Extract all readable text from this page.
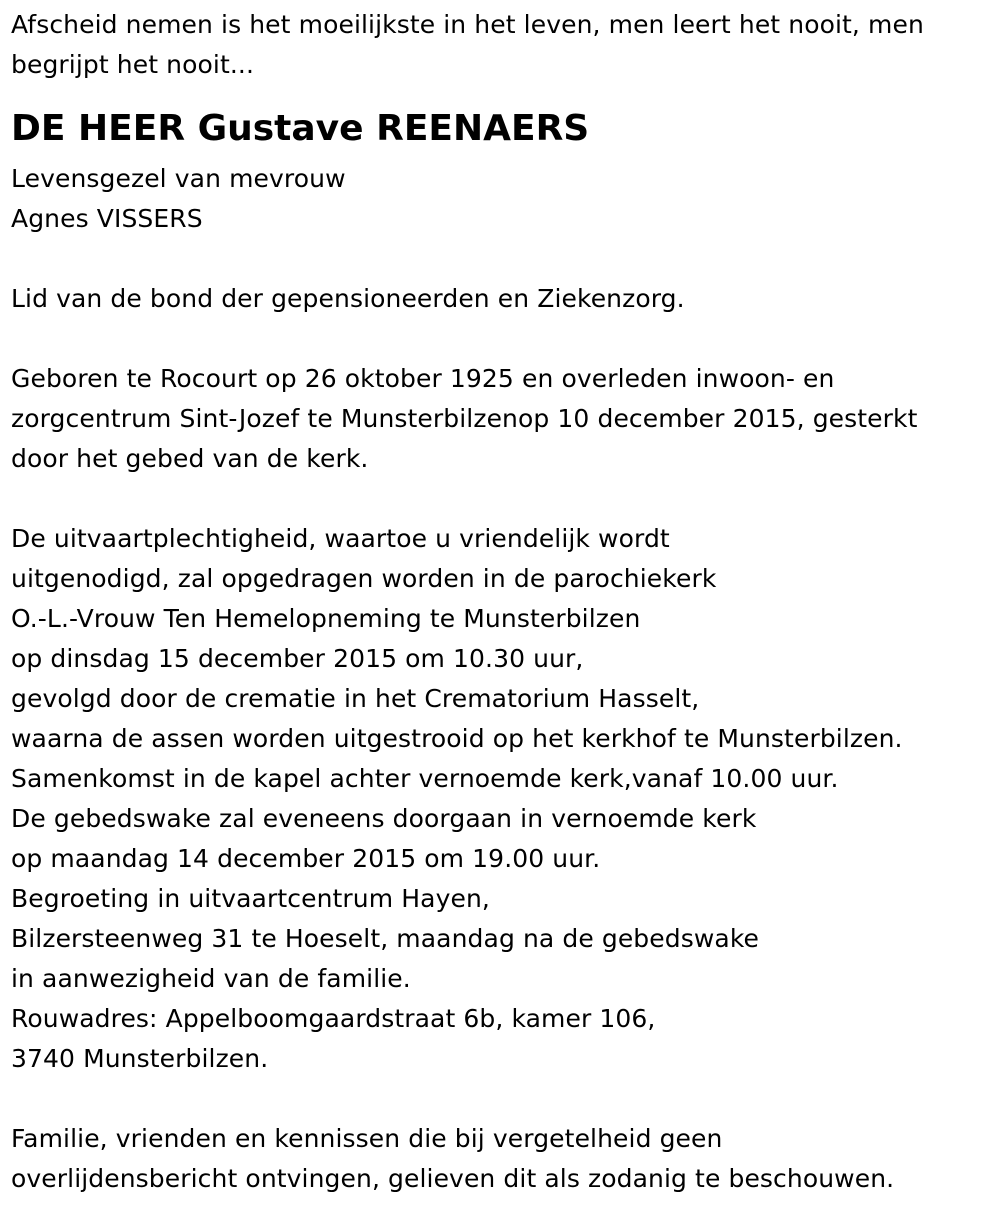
Afscheid nemen is het moeilijkste in het leven, men leert het nooit, men
begrijpt het nooit...
DE HEER Gustave REENAERS
Levensgezel van mevrouw
Agnes VISSERS
Lid van de bond der gepensioneerden en Ziekenzorg.
Geboren te Rocourt op 26 oktober 1925 en overleden inwoon- en
zorgcentrum Sint-Jozef te Munsterbilzenop 10 december 2015, gesterkt
door het gebed van de kerk.
De uitvaartplechtigheid, waartoe u vriendelijk wordt
uitgenodigd, zal opgedragen worden in de parochiekerk
O.-L.-Vrouw Ten Hemelopneming te Munsterbilzen
op dinsdag 15 december 2015 om 10.30 uur,
gevolgd door de crematie in het Crematorium Hasselt,
waarna de assen worden uitgestrooid op het kerkhof te Munsterbilzen.
Samenkomst in de kapel achter vernoemde kerk,vanaf 10.00 uur.
De gebedswake zal eveneens doorgaan in vernoemde kerk
op maandag 14 december 2015 om 19.00 uur.
Begroeting in uitvaartcentrum Hayen,
Bilzersteenweg 31 te Hoeselt, maandag na de gebedswake
in aanwezigheid van de familie.
Rouwadres: Appelboomgaardstraat 6b, kamer 106,
3740 Munsterbilzen.
Familie, vrienden en kennissen die bij vergetelheid geen
overlijdensbericht ontvingen, gelieven dit als zodanig te beschouwen.
